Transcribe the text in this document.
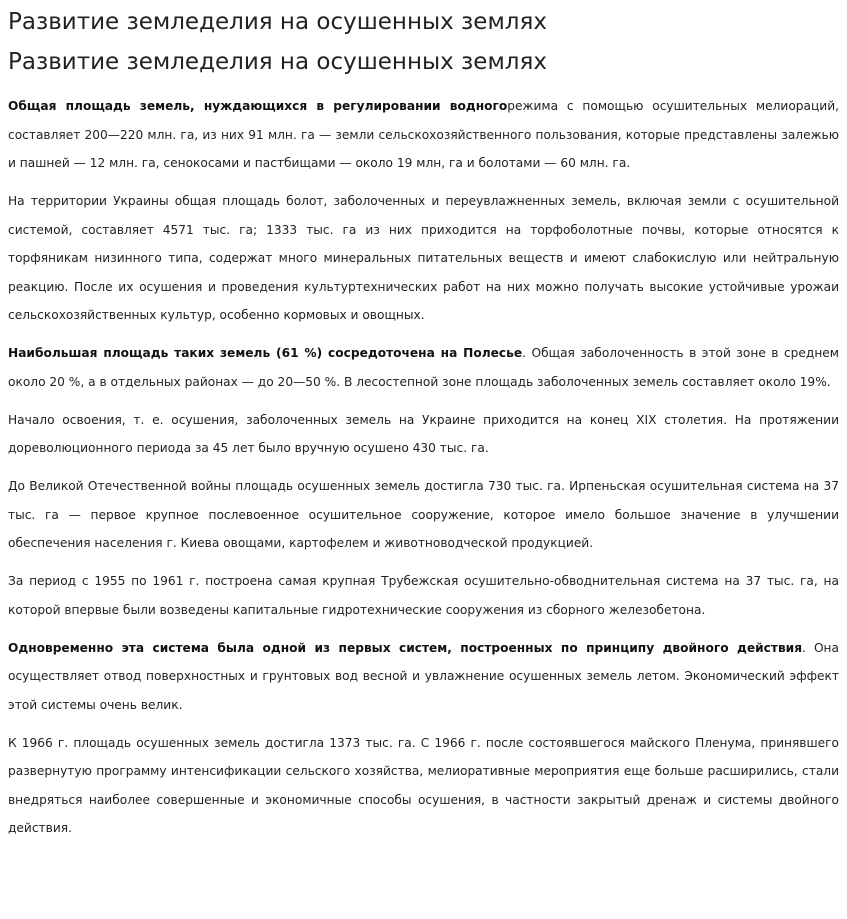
Развитие земледелия на осушенных землях
Развитие земледелия на осушенных землях

Общая площадь земель, нуждающихся в регулировании водногорежима с помощью осушительных мелиораций, составляет 200—220 млн. га, из них 91 млн. га — земли сельскохозяйственного пользования, которые представлены залежью и пашней — 12 млн. га, сенокосами и пастбищами — около 19 млн, га и болотами — 60 млн. га.

На территории Украины общая площадь болот, заболоченных и переувлажненных земель, включая земли с осушительной системой, составляет 4571 тыс. га; 1333 тыс. га из них приходится на торфоболотные почвы, которые относятся к торфяникам низинного типа, содержат много минеральных питательных веществ и имеют слабокислую или нейтральную реакцию. После их осушения и проведения культуртехнических работ на них можно получать высокие устойчивые урожаи сельскохозяйственных культур, особенно кормовых и овощных.

Наибольшая площадь таких земель (61 %) сосредоточена на Полесье. Общая заболоченность в этой зоне в среднем около 20 %, а в отдельных районах — до 20—50 %. В лесостепной зоне площадь заболоченных земель составляет около 19%.

Начало освоения, т. е. осушения, заболоченных земель на Украине приходится на конец XIX столетия. На протяжении дореволюционного периода за 45 лет было вручную осушено 430 тыс. га.

До Великой Отечественной войны площадь осушенных земель достигла 730 тыс. га. Ирпеньская осушительная система на 37 тыс. га — первое крупное послевоенное осушительное сооружение, которое имело большое значение в улучшении обеспечения населения г. Киева овощами, картофелем и животноводческой продукцией.

За период с 1955 по 1961 г. построена самая крупная Трубежская осушительно-обводнительная система на 37 тыс. га, на которой впервые были возведены капитальные гидротехнические сооружения из сборного железобетона.

Одновременно эта система была одной из первых систем, построенных по принципу двойного действия. Она осуществляет отвод поверхностных и грунтовых вод весной и увлажнение осушенных земель летом. Экономический эффект этой системы очень велик.

К 1966 г. площадь осушенных земель достигла 1373 тыс. га. С 1966 г. после состоявшегося майского Пленума, принявшего развернутую программу интенсификации сельского хозяйства, мелиоративные мероприятия еще больше расширились, стали внедряться наиболее совершенные и экономичные способы осушения, в частности закрытый дренаж и системы двойного действия.
